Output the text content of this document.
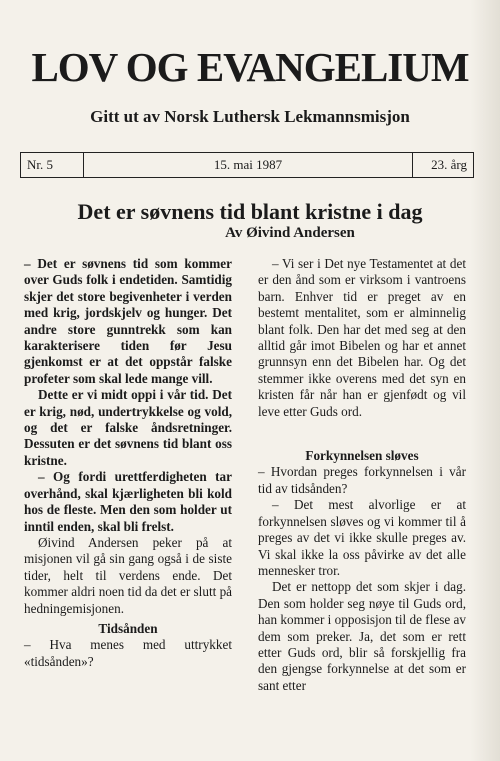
LOV OG EVANGELIUM
Gitt ut av Norsk Luthersk Lekmannsmisjon
Nr. 5	15. mai 1987	23. årg
Det er søvnens tid blant kristne i dag
Av Øivind Andersen

– Det er søvnens tid som kommer over Guds folk i endetiden. Samtidig skjer det store begivenheter i verden med krig, jordskjelv og hunger. Det andre store gunntrekk som kan karakterisere tiden før Jesu gjenkomst er at det oppstår falske profeter som skal lede mange vill.

Dette er vi midt oppi i vår tid. Det er krig, nød, undertrykkelse og vold, og det er falske åndsretninger. Dessuten er det søvnens tid blant oss kristne.

– Og fordi urettferdigheten tar overhånd, skal kjærligheten bli kold hos de fleste. Men den som holder ut inntil enden, skal bli frelst.

Øivind Andersen peker på at misjonen vil gå sin gang også i de siste tider, helt til verdens ende. Det kommer aldri noen tid da det er slutt på hedningemisjonen.

Tidsånden

– Hva menes med uttrykket «tidsånden»?

– Vi ser i Det nye Testamentet at det er den ånd som er virksom i vantroens barn. Enhver tid er preget av en bestemt mentalitet, som er alminnelig blant folk. Den har det med seg at den alltid går imot Bibelen og har et annet grunnsyn enn det Bibelen har. Og det stemmer ikke overens med det syn en kristen får når han er gjenfødt og vil leve etter Guds ord.

Forkynnelsen sløves

– Hvordan preges forkynnelsen i vår tid av tidsånden?

– Det mest alvorlige er at forkynnelsen sløves og vi kommer til å preges av det vi ikke skulle preges av. Vi skal ikke la oss påvirke av det alle mennesker tror.

Det er nettopp det som skjer i dag. Den som holder seg nøye til Guds ord, han kommer i opposisjon til de flese av dem som preker. Ja, det som er rett etter Guds ord, blir så forskjellig fra den gjengse forkynnelse at det som er sant etter
